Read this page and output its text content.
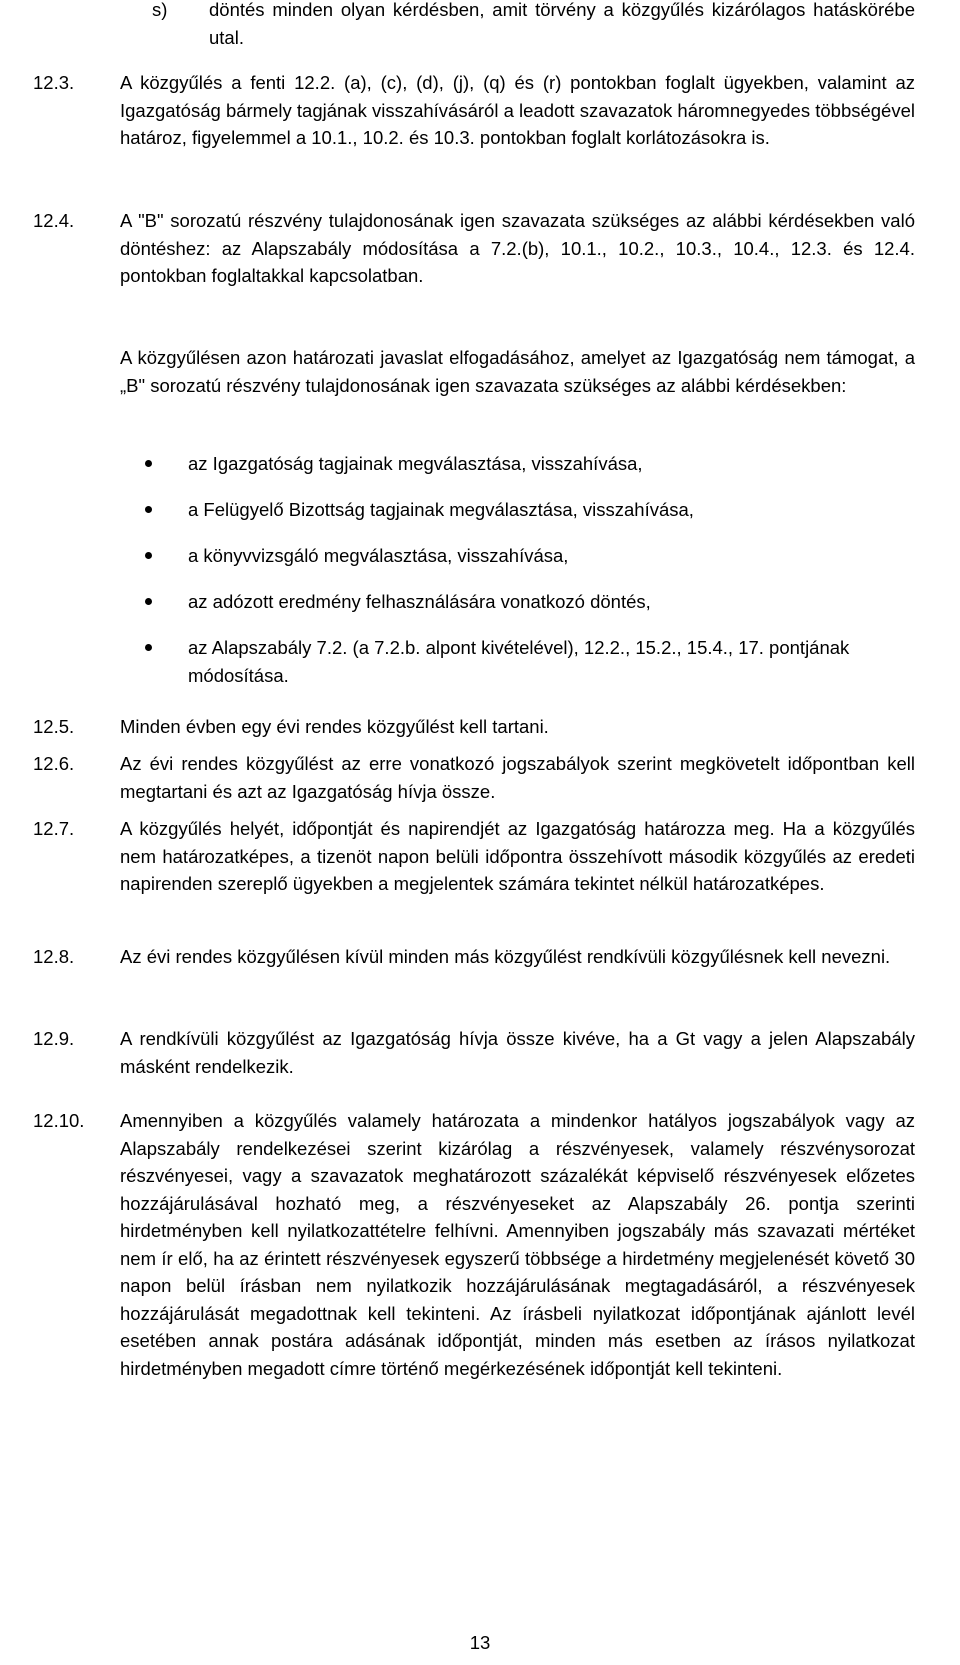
s) döntés minden olyan kérdésben, amit törvény a közgyűlés kizárólagos hatáskörébe utal.
12.3. A közgyűlés a fenti 12.2. (a), (c), (d), (j), (q) és (r) pontokban foglalt ügyekben, valamint az Igazgatóság bármely tagjának visszahívásáról a leadott szavazatok háromnegyedes többségével határoz, figyelemmel a 10.1., 10.2. és 10.3. pontokban foglalt korlátozásokra is.
12.4. A "B" sorozatú részvény tulajdonosának igen szavazata szükséges az alábbi kérdésekben való döntéshez: az Alapszabály módosítása a 7.2.(b), 10.1., 10.2., 10.3., 10.4., 12.3. és 12.4. pontokban foglaltakkal kapcsolatban.
A közgyűlésen azon határozati javaslat elfogadásához, amelyet az Igazgatóság nem támogat, a „B" sorozatú részvény tulajdonosának igen szavazata szükséges az alábbi kérdésekben:
az Igazgatóság tagjainak megválasztása, visszahívása,
a Felügyelő Bizottság tagjainak megválasztása, visszahívása,
a könyvvizsgáló megválasztása, visszahívása,
az adózott eredmény felhasználására vonatkozó döntés,
az Alapszabály 7.2. (a 7.2.b. alpont kivételével), 12.2., 15.2., 15.4., 17. pontjának módosítása.
12.5. Minden évben egy évi rendes közgyűlést kell tartani.
12.6. Az évi rendes közgyűlést az erre vonatkozó jogszabályok szerint megkövetelt időpontban kell megtartani és azt az Igazgatóság hívja össze.
12.7. A közgyűlés helyét, időpontját és napirendjét az Igazgatóság határozza meg. Ha a közgyűlés nem határozatképes, a tizenöt napon belüli időpontra összehívott második közgyűlés az eredeti napirenden szereplő ügyekben a megjelentek számára tekintet nélkül határozatképes.
12.8. Az évi rendes közgyűlésen kívül minden más közgyűlést rendkívüli közgyűlésnek kell nevezni.
12.9. A rendkívüli közgyűlést az Igazgatóság hívja össze kivéve, ha a Gt vagy a jelen Alapszabály másként rendelkezik.
12.10. Amennyiben a közgyűlés valamely határozata a mindenkor hatályos jogszabályok vagy az Alapszabály rendelkezései szerint kizárólag a részvényesek, valamely részvénysorozat részvényesei, vagy a szavazatok meghatározott százalékát képviselő részvényesek előzetes hozzájárulásával hozható meg, a részvényeseket az Alapszabály 26. pontja szerinti hirdetményben kell nyilatkozattételre felhívni. Amennyiben jogszabály más szavazati mértéket nem ír elő, ha az érintett részvényesek egyszerű többsége a hirdetmény megjelenését követő 30 napon belül írásban nem nyilatkozik hozzájárulásának megtagadásáról, a részvényesek hozzájárulását megadottnak kell tekinteni. Az írásbeli nyilatkozat időpontjának ajánlott levél esetében annak postára adásának időpontját, minden más esetben az írásos nyilatkozat hirdetményben megadott címre történő megérkezésének időpontját kell tekinteni.
13
